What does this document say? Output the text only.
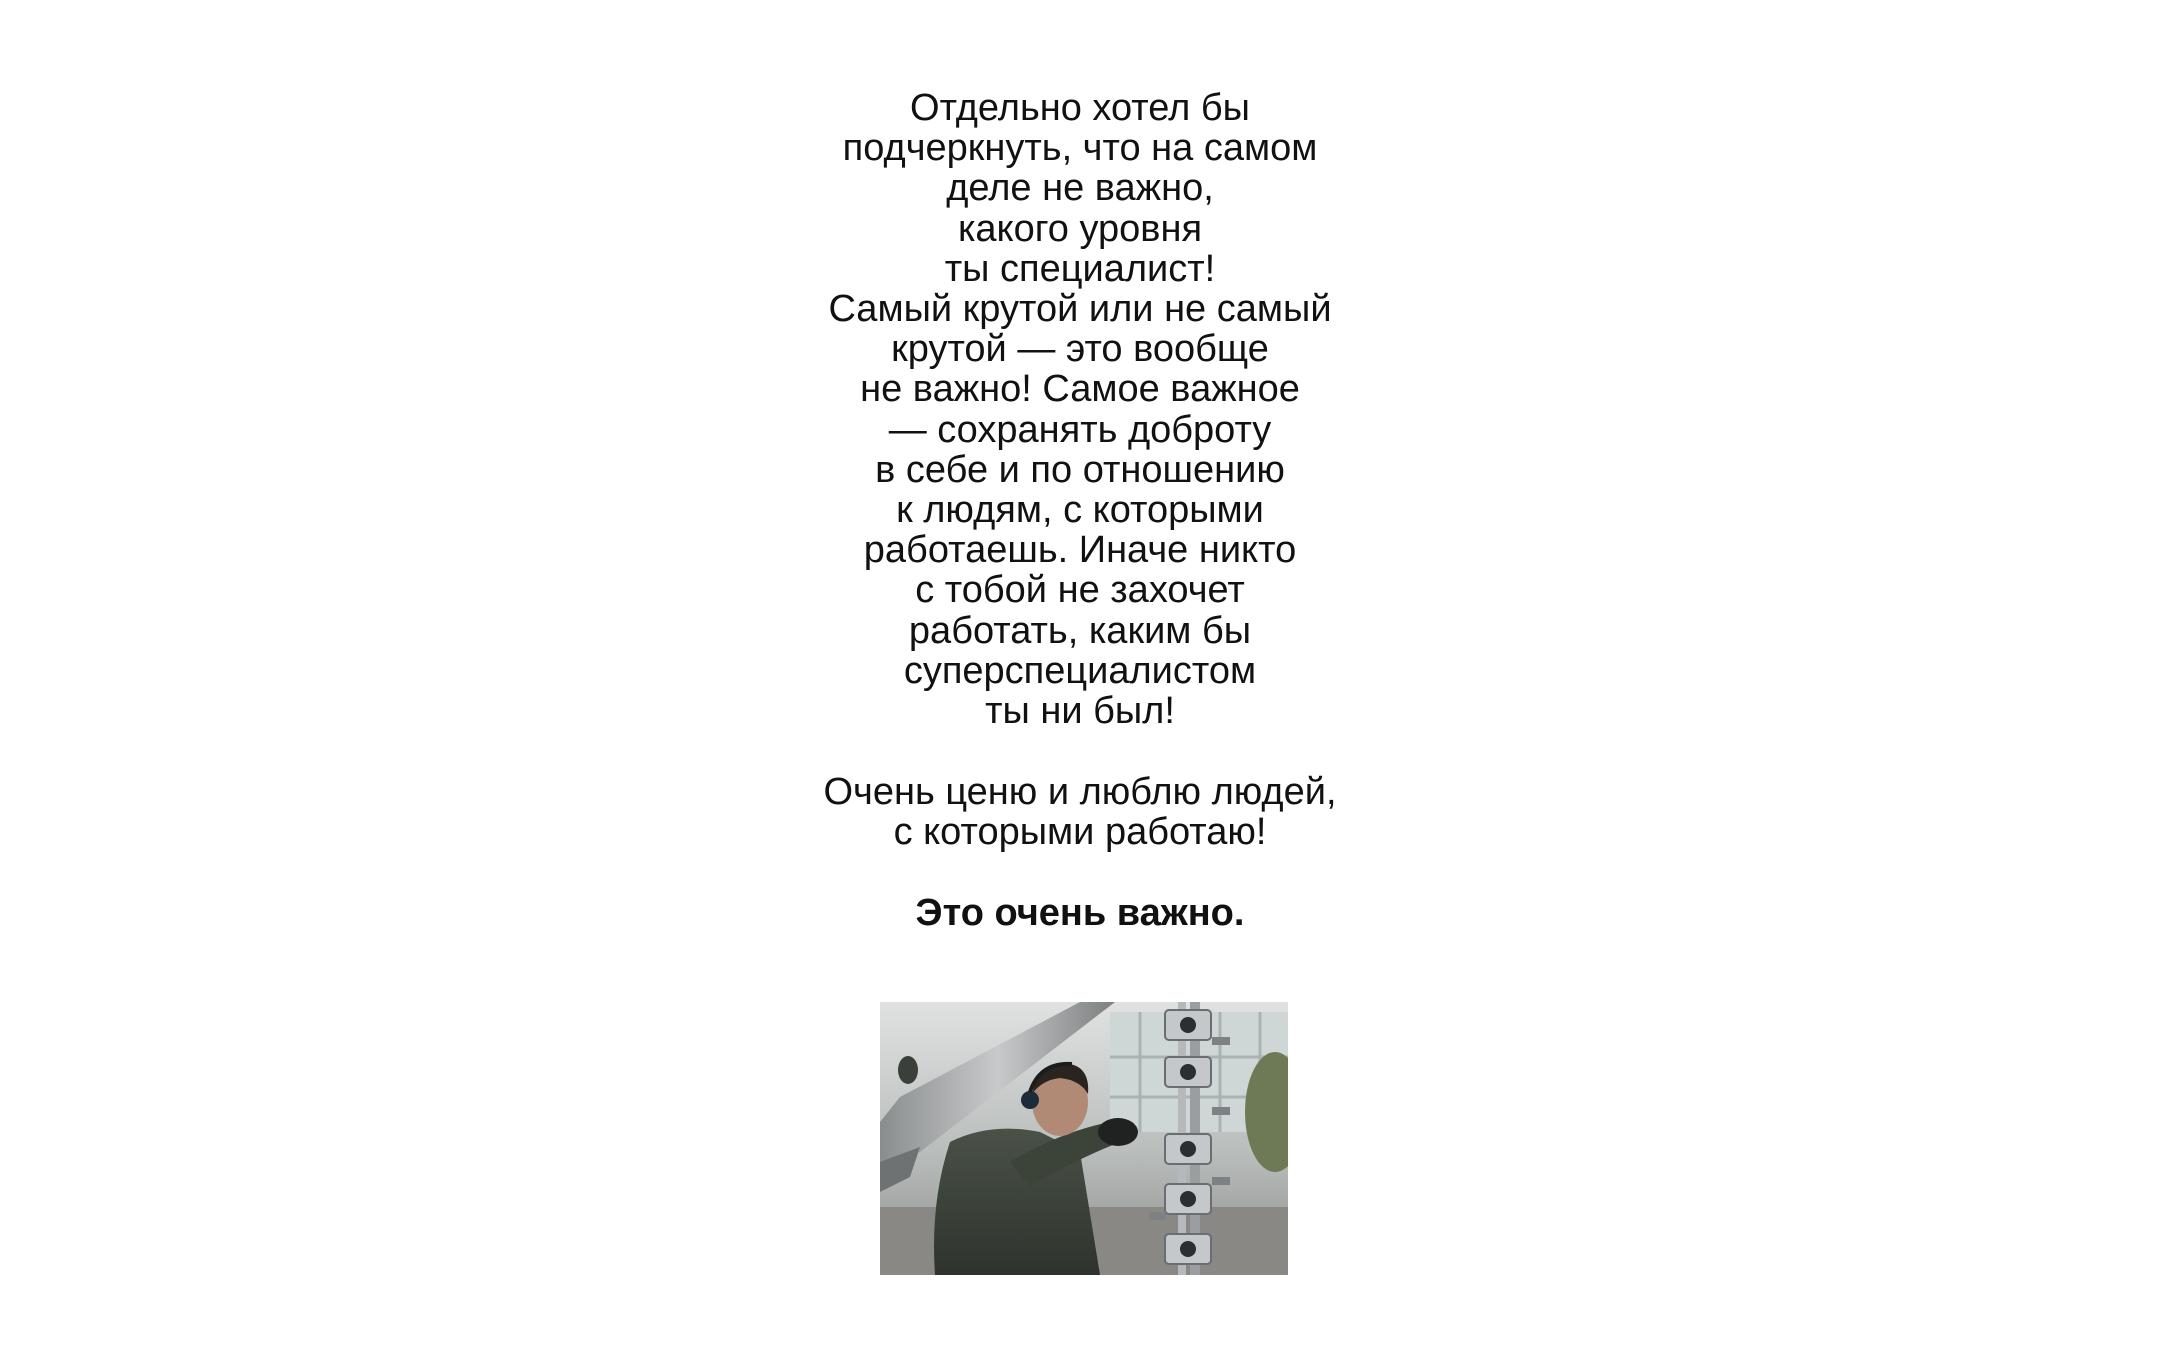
Отдельно хотел бы
подчеркнуть, что на самом
деле не важно,
какого уровня
ты специалист!
Самый крутой или не самый
крутой — это вообще
не важно! Самое важное
— сохранять доброту
в себе и по отношению
к людям, с которыми
работаешь. Иначе никто
с тобой не захочет
работать, каким бы
суперспециалистом
ты ни был!
Очень ценю и люблю людей,
с которыми работаю!
Это очень важно.
